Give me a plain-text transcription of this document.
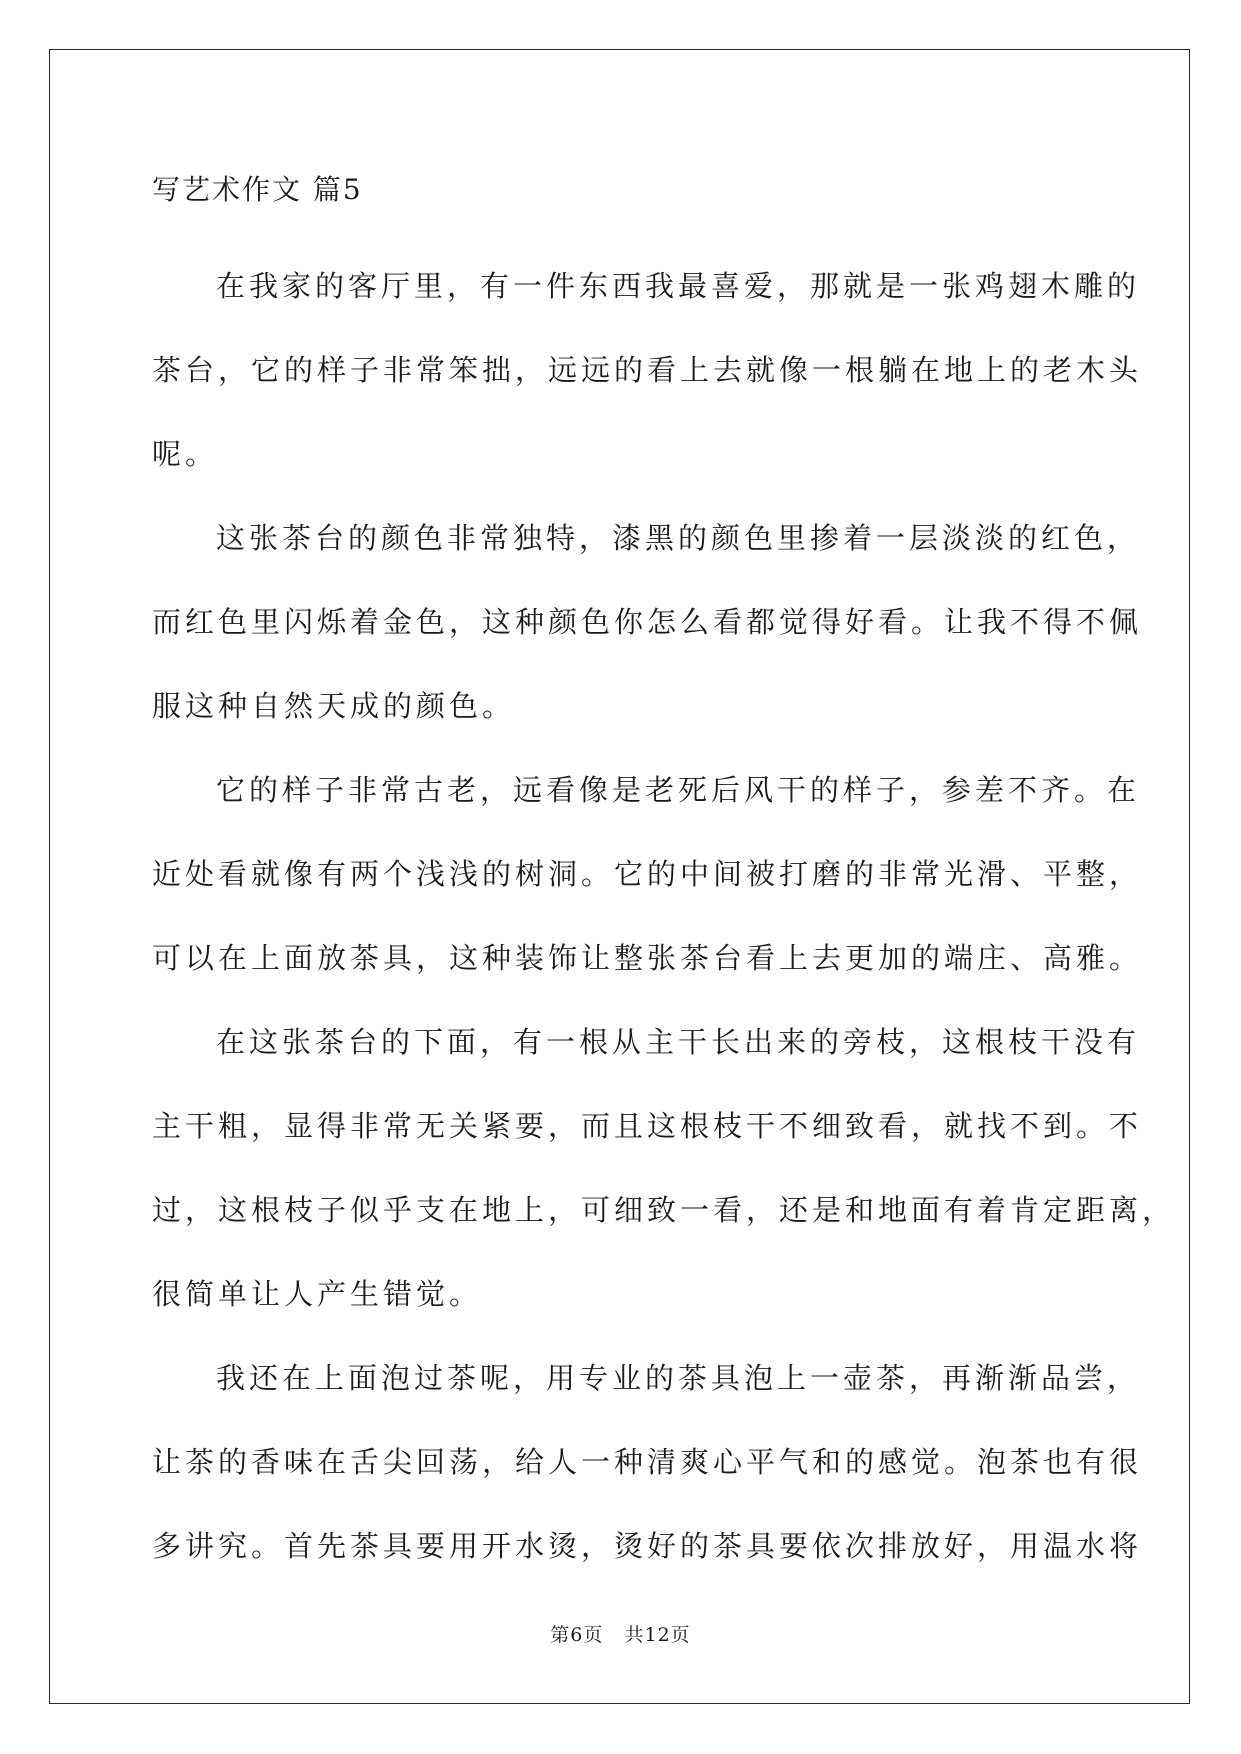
写艺术作文 篇5

在我家的客厅里，有一件东西我最喜爱，那就是一张鸡翅木雕的

茶台，它的样子非常笨拙，远远的看上去就像一根躺在地上的老木头

呢。

这张茶台的颜色非常独特，漆黑的颜色里掺着一层淡淡的红色，

而红色里闪烁着金色，这种颜色你怎么看都觉得好看。让我不得不佩

服这种自然天成的颜色。

它的样子非常古老，远看像是老死后风干的样子，参差不齐。在

近处看就像有两个浅浅的树洞。它的中间被打磨的非常光滑、平整，

可以在上面放茶具，这种装饰让整张茶台看上去更加的端庄、高雅。

在这张茶台的下面，有一根从主干长出来的旁枝，这根枝干没有

主干粗，显得非常无关紧要，而且这根枝干不细致看，就找不到。不

过，这根枝子似乎支在地上，可细致一看，还是和地面有着肯定距离，

很简单让人产生错觉。

我还在上面泡过茶呢，用专业的茶具泡上一壶茶，再渐渐品尝，

让茶的香味在舌尖回荡，给人一种清爽心平气和的感觉。泡茶也有很

多讲究。首先茶具要用开水烫，烫好的茶具要依次排放好，用温水将

第6页   共12页
